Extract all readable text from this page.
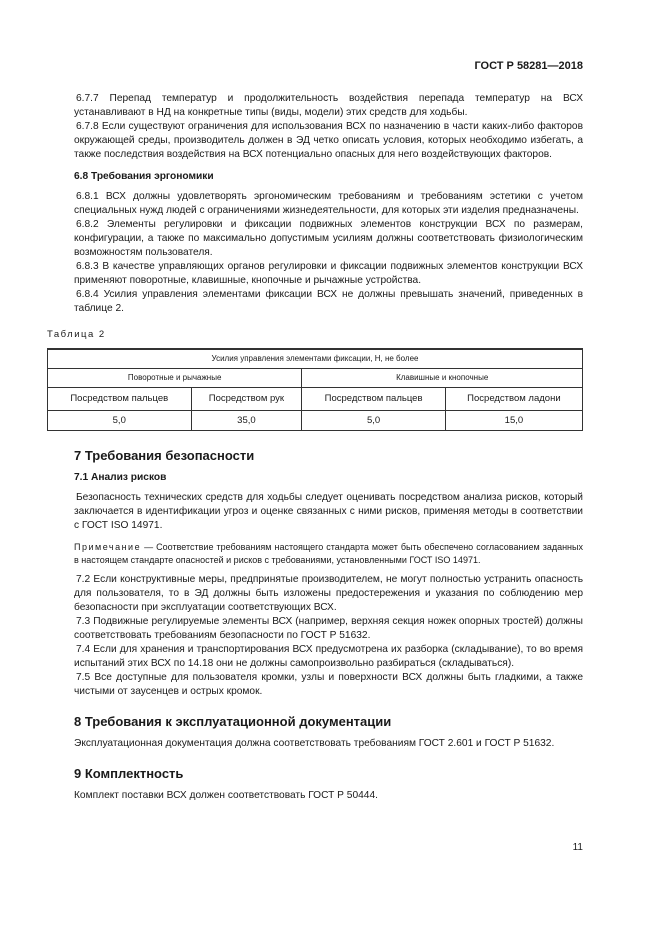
ГОСТ Р 58281—2018

6.7.7 Перепад температур и продолжительность воздействия перепада температур на ВСХ устанавливают в НД на конкретные типы (виды, модели) этих средств для ходьбы.

6.7.8 Если существуют ограничения для использования ВСХ по назначению в части каких-либо факторов окружающей среды, производитель должен в ЭД четко описать условия, которых необходимо избегать, а также последствия воздействия на ВСХ потенциально опасных для него воздействующих факторов.

6.8 Требования эргономики

6.8.1 ВСХ должны удовлетворять эргономическим требованиям и требованиям эстетики с учетом специальных нужд людей с ограничениями жизнедеятельности, для которых эти изделия предназначены.

6.8.2 Элементы регулировки и фиксации подвижных элементов конструкции ВСХ по размерам, конфигурации, а также по максимально допустимым усилиям должны соответствовать физиологическим возможностям пользователя.

6.8.3 В качестве управляющих органов регулировки и фиксации подвижных элементов конструкции ВСХ применяют поворотные, клавишные, кнопочные и рычажные устройства.

6.8.4 Усилия управления элементами фиксации ВСХ не должны превышать значений, приведенных в таблице 2.

Таблица 2
Усилия управления элементами фиксации, Н, не более			
Поворотные и рычажные		Клавишные и кнопочные	
Посредством пальцев	Посредством рук	Посредством пальцев	Посредством ладони
5,0	35,0	5,0	15,0
7 Требования безопасности
7.1 Анализ рисков

Безопасность технических средств для ходьбы следует оценивать посредством анализа рисков, который заключается в идентификации угроз и оценке связанных с ними рисков, применяя методы в соответствии с ГОСТ ISO 14971.

Примечание — Соответствие требованиям настоящего стандарта может быть обеспечено согласованием заданных в настоящем стандарте опасностей и рисков с требованиями, установленными ГОСТ ISO 14971.

7.2 Если конструктивные меры, предпринятые производителем, не могут полностью устранить опасность для пользователя, то в ЭД должны быть изложены предостережения и указания по соблюдению мер безопасности при эксплуатации соответствующих ВСХ.

7.3 Подвижные регулируемые элементы ВСХ (например, верхняя секция ножек опорных тростей) должны соответствовать требованиям безопасности по ГОСТ Р 51632.

7.4 Если для хранения и транспортирования ВСХ предусмотрена их разборка (складывание), то во время испытаний этих ВСХ по 14.18 они не должны самопроизвольно разбираться (складываться).

7.5 Все доступные для пользователя кромки, узлы и поверхности ВСХ должны быть гладкими, а также чистыми от заусенцев и острых кромок.

8 Требования к эксплуатационной документации

Эксплуатационная документация должна соответствовать требованиям ГОСТ 2.601 и ГОСТ Р 51632.

9 Комплектность

Комплект поставки ВСХ должен соответствовать ГОСТ Р 50444.

11
